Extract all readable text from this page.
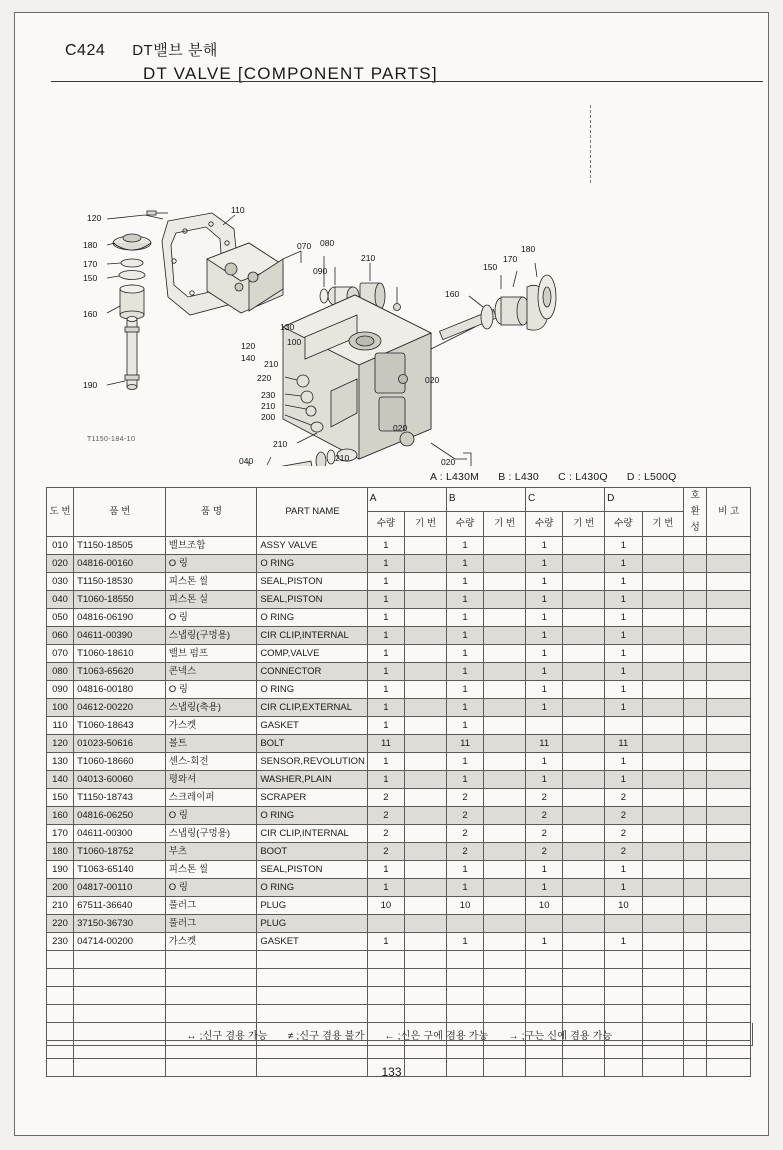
C424 DT밸브 분해
DT VALVE [COMPONENT PARTS]
120
110
180
170
150
160
190
070 080
090
210
130
100
120
140
210
220
230
210
200
210
040	210
020
020
020
160
150
170
180
T1150-184-10
A : L430M B : L430 C : L430Q D : L500Q
도 번	품 번	품 명	PART NAME	A		B		C		D		호
환
성	비 고
				수량	기 번	수량	기 번	수량	기 번	수량	기 번		
010	T1150-18505	밸브조합	ASSY VALVE	1		1		1		1			
020	04816-00160	O 링	O RING	1		1		1		1			
030	T1150-18530	피스톤 씰	SEAL,PISTON	1		1		1		1			
040	T1060-18550	피스톤 실	SEAL,PISTON	1		1		1		1			
050	04816-06190	O 링	O RING	1		1		1		1			
060	04611-00390	스냅링(구멍용)	CIR CLIP,INTERNAL	1		1		1		1			
070	T1060-18610	밸브 펌프	COMP,VALVE	1		1		1		1			
080	T1063-65620	콘넥스	CONNECTOR	1		1		1		1			
090	04816-00180	O 링	O RING	1		1		1		1			
100	04612-00220	스냅링(축용)	CIR CLIP,EXTERNAL	1		1		1		1			
110	T1060-18643	가스켓	GASKET	1		1							
120	01023-50616	볼트	BOLT	11		11		11		11			
130	T1060-18660	센스-회전	SENSOR,REVOLUTION	1		1		1		1			
140	04013-60060	평와셔	WASHER,PLAIN	1		1		1		1			
150	T1150-18743	스﻿크레이퍼	SCRAPER	2		2		2		2			
160	04816-06250	O 링	O RING	2		2		2		2			
170	04611-00300	스냅링(구멍용)	CIR CLIP,INTERNAL	2		2		2		2			
180	T1060-18752	부츠	BOOT	2		2		2		2			
190	T1063-65140	피스톤 씰	SEAL,PISTON	1		1		1		1			
200	04817-00110	O 링	O RING	1		1		1		1			
210	67511-36640	풀러그	PLUG	10		10		10		10			
220	37150-36730	풀러그	PLUG										
230	04714-00200	가스켓	GASKET	1		1		1		1			

↔ ;신구 겸용 가능 ≠ ;신구 겸용 불가 ← ;신은 구에 겸용 가능 → ;구는 신에 겸용 가능
133
